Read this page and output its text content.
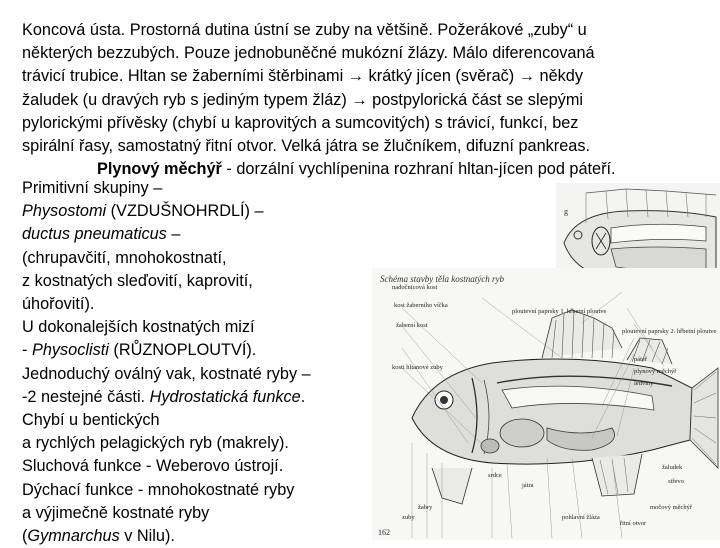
Koncová ústa. Prostorná dutina ústní se zuby na většině. Požerákové „zuby“ u
některých bezzubých. Pouze jednobuněčné mukózní žlázy. Málo diferencovaná
trávicí trubice. Hltan se žaberními štěrbinami → krátký jícen (svěrač) → někdy
žaludek (u dravých ryb s jediným typem žláz) → postpylorická část se slepými
pylorickými přívěsky (chybí u kaprovitých a sumcovitých) s trávicí, funkcí, bez
spirální řasy, samostatný řitní otvor. Velká játra se žlučníkem, difuzní pankreas.
Plynový měchýř - dorzální vychlípenina rozhraní hltan-jícen pod páteří.
Primitivní skupiny –
Physostomi (VZDUŠNOHRDLÍ) –
ductus pneumaticus –
(chrupavčití, mnohokostnatí,
z kostnatých sleďovití, kaprovití,
úhořovití).
U dokonalejších kostnatých mizí
- Physoclisti (RŮZNOPLOUTVÍ).
Jednoduchý oválný vak, kostnaté ryby –
-2 nestejné části. Hydrostatická funkce.
Chybí u bentických
a rychlých pelagických ryb (makrely).
Sluchová funkce - Weberovo ústrojí.
Dýchací funkce - mnohokostnaté ryby
a výjimečně kostnaté ryby
(Gymnarchus v Nilu).
g
Schéma stavby těla kostnatých ryb
nadočnicová kost
kost žaberního víčka
žaberní kost
kosti hltanové zuby
ploutevní paprsky 1. hřbetní ploutve
ploutevní paprsky 2. hřbetní ploutve
plynový měchýř
páteř
žaludek
střevo
srdce
játra
ledviny
močový měchýř
řitní otvor
žabry
zuby	pohlavní žláza
162
